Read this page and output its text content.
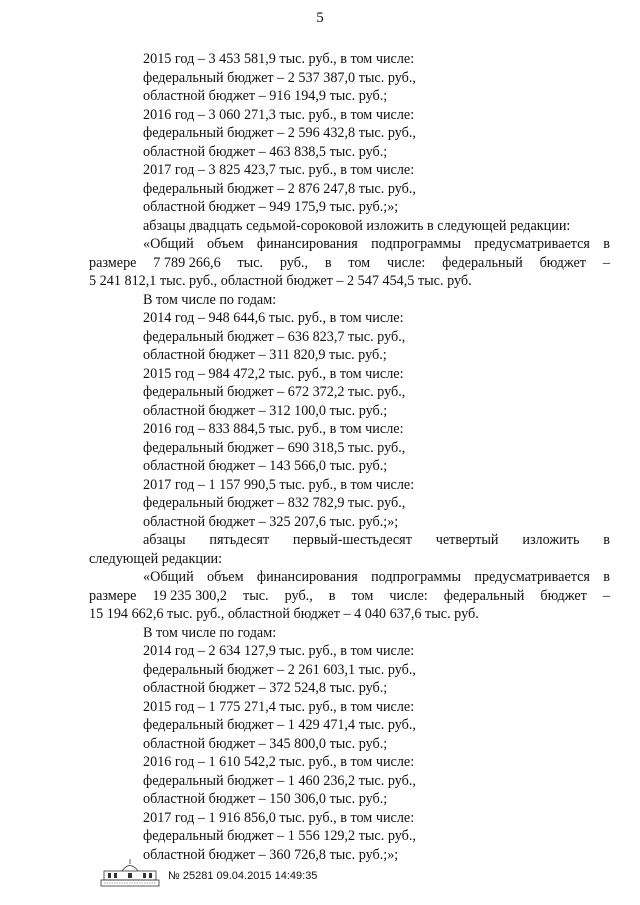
5
2015 год – 3 453 581,9 тыс. руб., в том числе:
федеральный бюджет – 2 537 387,0 тыс. руб.,
областной бюджет – 916 194,9 тыс. руб.;
2016 год – 3 060 271,3 тыс. руб., в том числе:
федеральный бюджет – 2 596 432,8 тыс. руб.,
областной бюджет – 463 838,5 тыс. руб.;
2017 год – 3 825 423,7 тыс. руб., в том числе:
федеральный бюджет – 2 876 247,8 тыс. руб.,
областной бюджет – 949 175,9 тыс. руб.;»;
абзацы двадцать седьмой-сороковой изложить в следующей редакции:
«Общий объем финансирования подпрограммы предусматривается в
размере 7 789 266,6 тыс. руб., в том числе: федеральный бюджет –
5 241 812,1 тыс. руб., областной бюджет – 2 547 454,5 тыс. руб.
В том числе по годам:
2014 год – 948 644,6 тыс. руб., в том числе:
федеральный бюджет – 636 823,7 тыс. руб.,
областной бюджет – 311 820,9 тыс. руб.;
2015 год – 984 472,2 тыс. руб., в том числе:
федеральный бюджет – 672 372,2 тыс. руб.,
областной бюджет – 312 100,0 тыс. руб.;
2016 год – 833 884,5 тыс. руб., в том числе:
федеральный бюджет – 690 318,5 тыс. руб.,
областной бюджет – 143 566,0 тыс. руб.;
2017 год – 1 157 990,5 тыс. руб., в том числе:
федеральный бюджет – 832 782,9 тыс. руб.,
областной бюджет – 325 207,6 тыс. руб.;»;
абзацы пятьдесят первый-шестьдесят четвертый изложить в
следующей редакции:
«Общий объем финансирования подпрограммы предусматривается в
размере 19 235 300,2 тыс. руб., в том числе: федеральный бюджет –
15 194 662,6 тыс. руб., областной бюджет – 4 040 637,6 тыс. руб.
В том числе по годам:
2014 год – 2 634 127,9 тыс. руб., в том числе:
федеральный бюджет – 2 261 603,1 тыс. руб.,
областной бюджет – 372 524,8 тыс. руб.;
2015 год – 1 775 271,4 тыс. руб., в том числе:
федеральный бюджет – 1 429 471,4 тыс. руб.,
областной бюджет – 345 800,0 тыс. руб.;
2016 год – 1 610 542,2 тыс. руб., в том числе:
федеральный бюджет – 1 460 236,2 тыс. руб.,
областной бюджет – 150 306,0 тыс. руб.;
2017 год – 1 916 856,0 тыс. руб., в том числе:
федеральный бюджет – 1 556 129,2 тыс. руб.,
областной бюджет – 360 726,8 тыс. руб.;»;
№ 25281 09.04.2015 14:49:35
